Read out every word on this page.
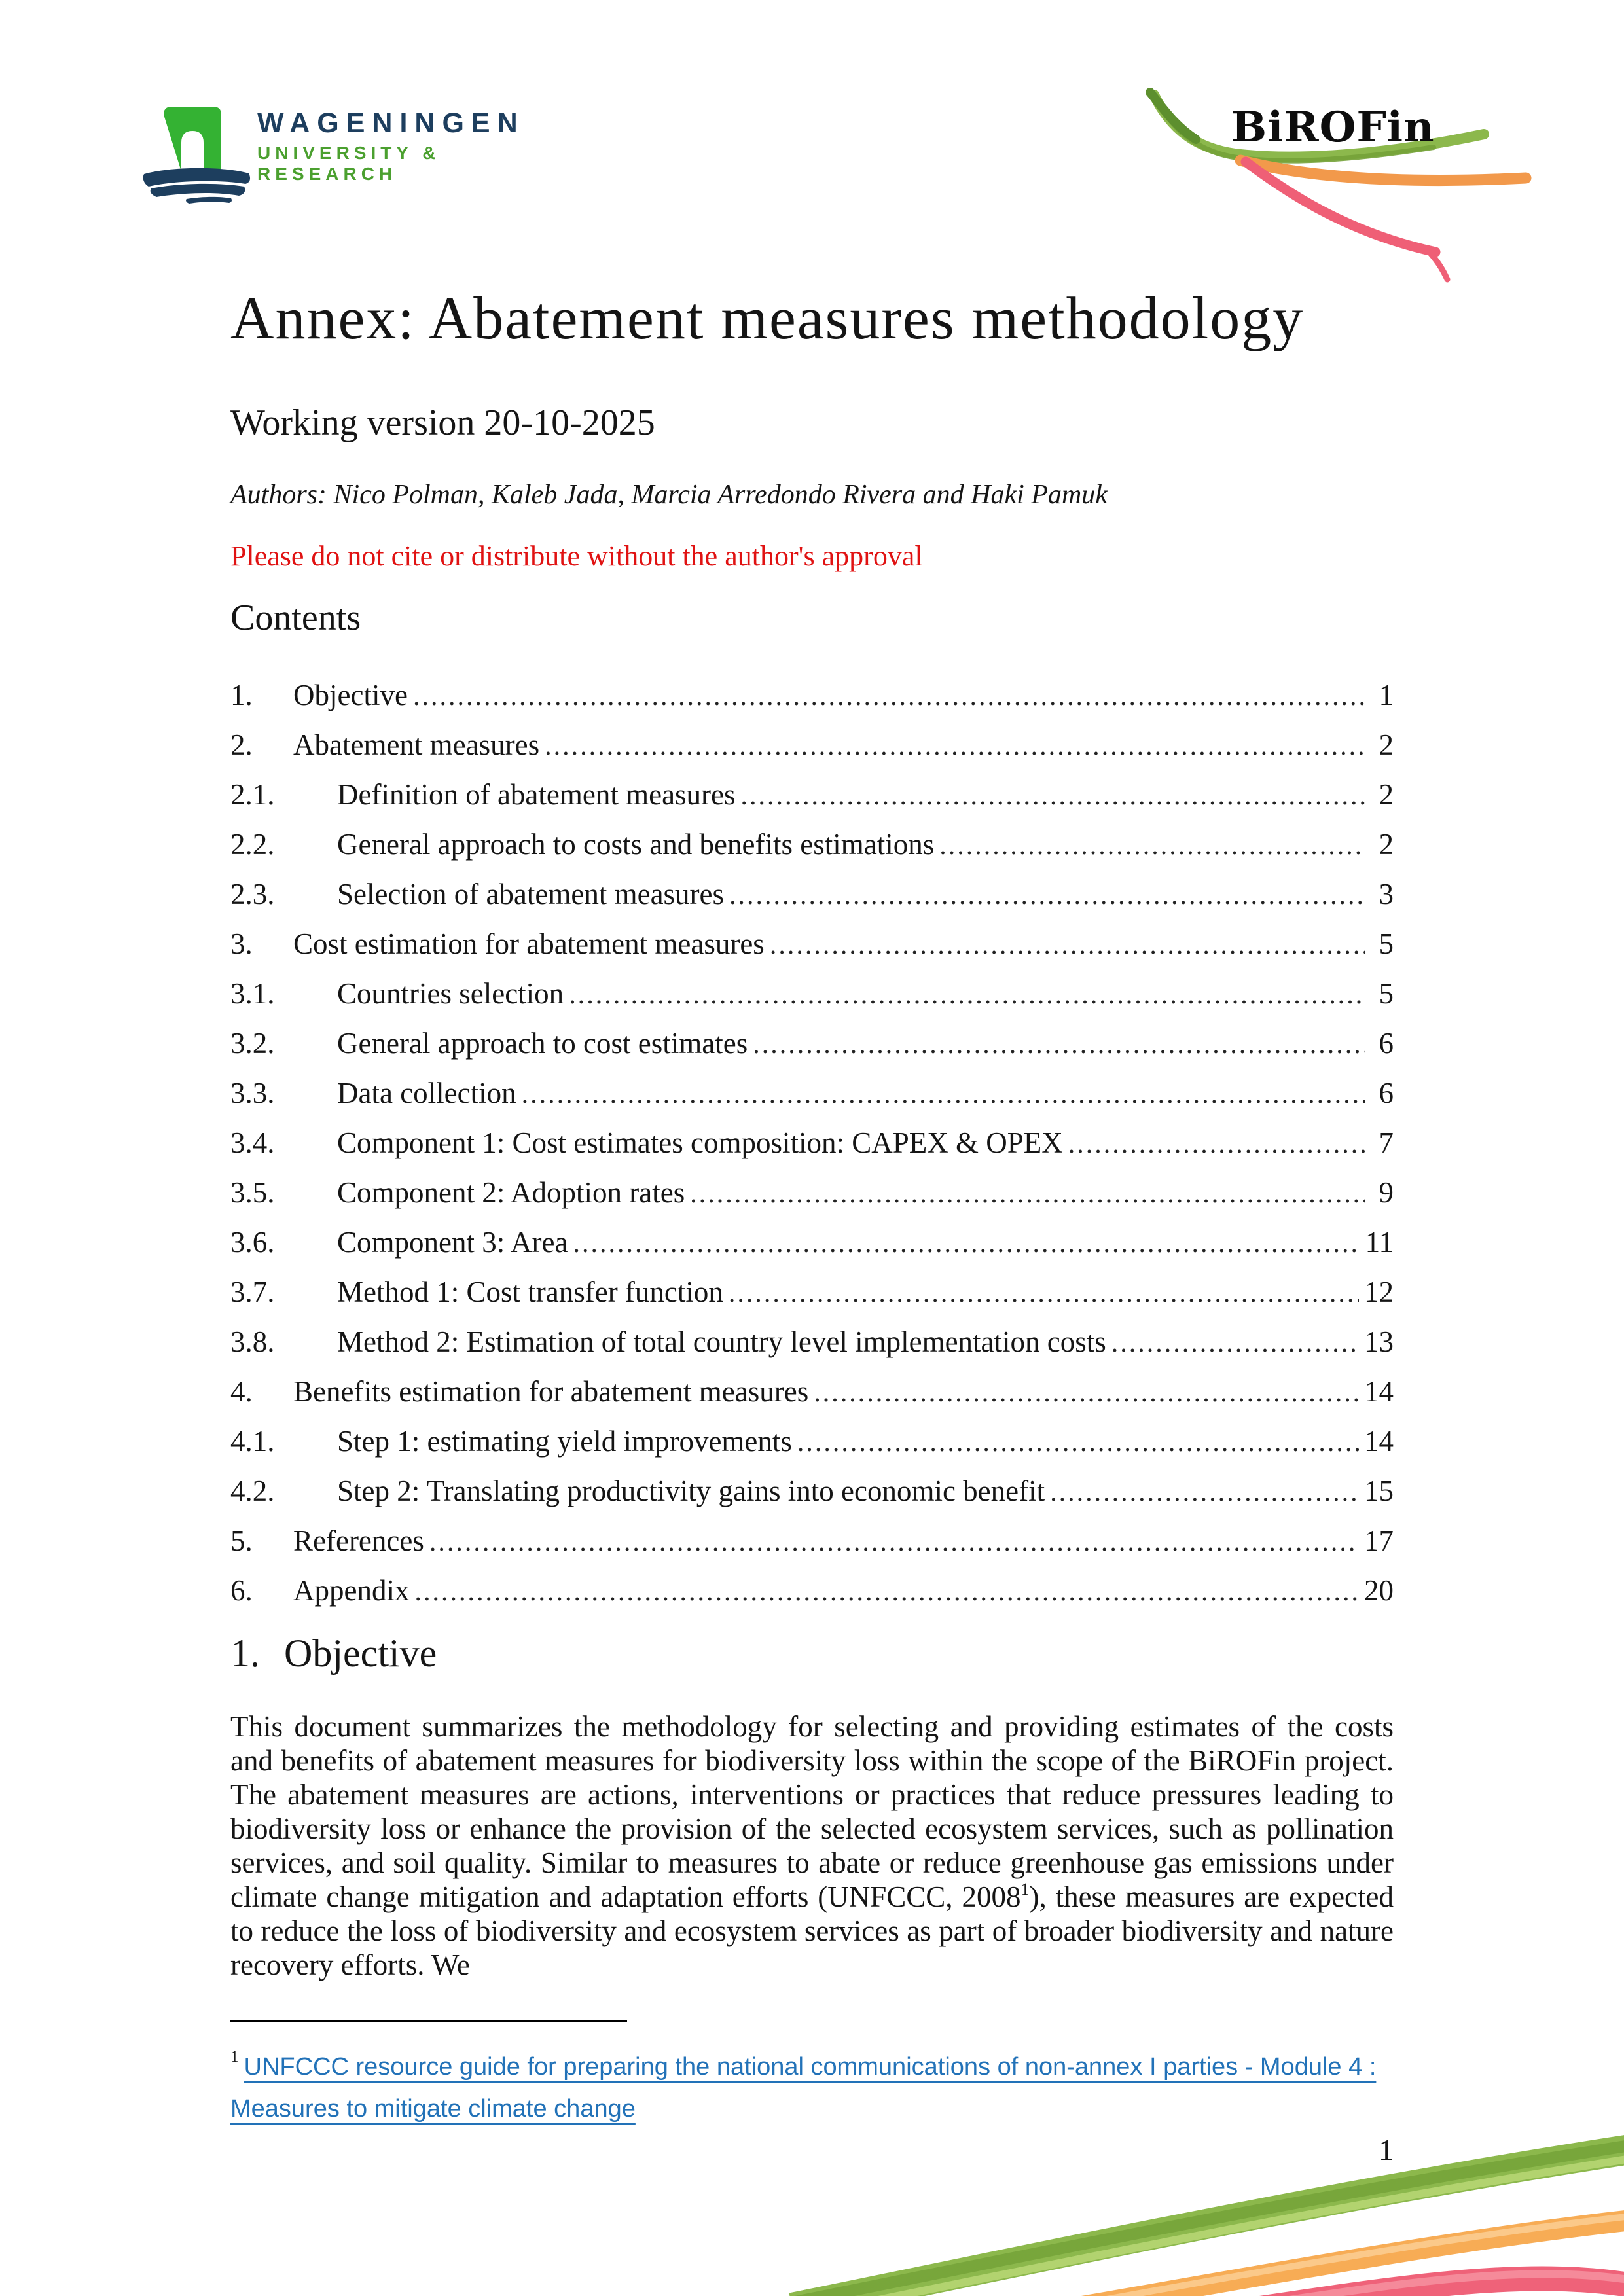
WAGENINGEN
UNIVERSITY & RESEARCH
BiROFin
Annex: Abatement measures methodology
Working version 20-10-2025
Authors: Nico Polman, Kaleb Jada, Marcia Arredondo Rivera and Haki Pamuk
Please do not cite or distribute without the author's approval
Contents
1.	Objective .....	1
2.	Abatement measures .....	2
2.1.	Definition of abatement measures .....	2
2.2.	General approach to costs and benefits estimations .....	2
2.3.	Selection of abatement measures .....	3
3.	Cost estimation for abatement measures .....	5
3.1.	Countries selection .....	5
3.2.	General approach to cost estimates .....	6
3.3.	Data collection .....	6
3.4.	Component 1: Cost estimates composition: CAPEX & OPEX .....	7
3.5.	Component 2: Adoption rates .....	9
3.6.	Component 3: Area .....	11
3.7.	Method 1: Cost transfer function .....	12
3.8.	Method 2: Estimation of total country level implementation costs .....	13
4.	Benefits estimation for abatement measures .....	14
4.1.	Step 1: estimating yield improvements .....	14
4.2.	Step 2: Translating productivity gains into economic benefit .....	15
5.	References .....	17
6.	Appendix .....	20
1. Objective

This document summarizes the methodology for selecting and providing estimates of the costs and benefits of abatement measures for biodiversity loss within the scope of the BiROFin project. The abatement measures are actions, interventions or practices that reduce pressures leading to biodiversity loss or enhance the provision of the selected ecosystem services, such as pollination services, and soil quality. Similar to measures to abate or reduce greenhouse gas emissions under climate change mitigation and adaptation efforts (UNFCCC, 2008$^1$), these measures are expected to reduce the loss of biodiversity and ecosystem services as part of broader biodiversity and nature recovery efforts. We

$^1$ UNFCCC resource guide for preparing the national communications of non-annex I parties - Module 4 :
Measures to mitigate climate change
1
